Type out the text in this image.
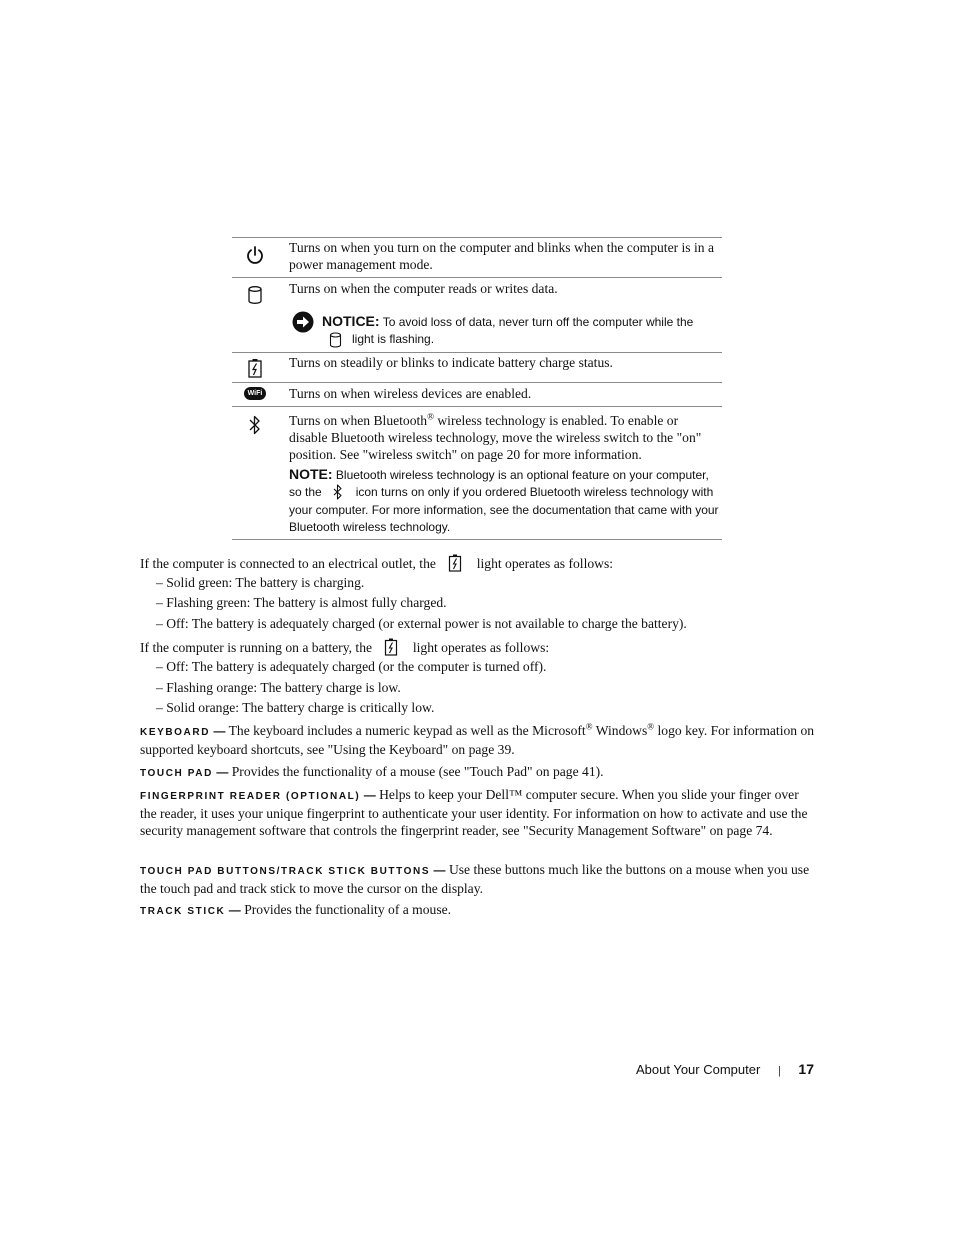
Turns on when you turn on the computer and blinks when the computer is in a power management mode.
Turns on when the computer reads or writes data.
NOTICE: To avoid loss of data, never turn off the computer while the
light is flashing.
Turns on steadily or blinks to indicate battery charge status.
WiFi Turns on when wireless devices are enabled.
Turns on when Bluetooth® wireless technology is enabled. To enable or disable Bluetooth wireless technology, move the wireless switch to the "on" position. See "wireless switch" on page 20 for more information.
NOTE: Bluetooth wireless technology is an optional feature on your computer, so the	icon turns on only if you ordered Bluetooth wireless technology with your computer. For more information, see the documentation that came with your Bluetooth wireless technology.
If the computer is connected to an electrical outlet, the	light operates as follows:
– Solid green: The battery is charging.
– Flashing green: The battery is almost fully charged.
– Off: The battery is adequately charged (or external power is not available to charge the battery).
If the computer is running on a battery, the	light operates as follows:
– Off: The battery is adequately charged (or the computer is turned off).
– Flashing orange: The battery charge is low.
– Solid orange: The battery charge is critically low.
KEYBOARD — The keyboard includes a numeric keypad as well as the Microsoft® Windows® logo key. For information on supported keyboard shortcuts, see "Using the Keyboard" on page 39.
TOUCH PAD — Provides the functionality of a mouse (see "Touch Pad" on page 41).
FINGERPRINT READER (OPTIONAL) — Helps to keep your Dell™ computer secure. When you slide your finger over the reader, it uses your unique fingerprint to authenticate your user identity. For information on how to activate and use the security management software that controls the fingerprint reader, see "Security Management Software" on page 74.
TOUCH PAD BUTTONS/TRACK STICK BUTTONS — Use these buttons much like the buttons on a mouse when you use the touch pad and track stick to move the cursor on the display.
TRACK STICK — Provides the functionality of a mouse.
About Your Computer | 17
